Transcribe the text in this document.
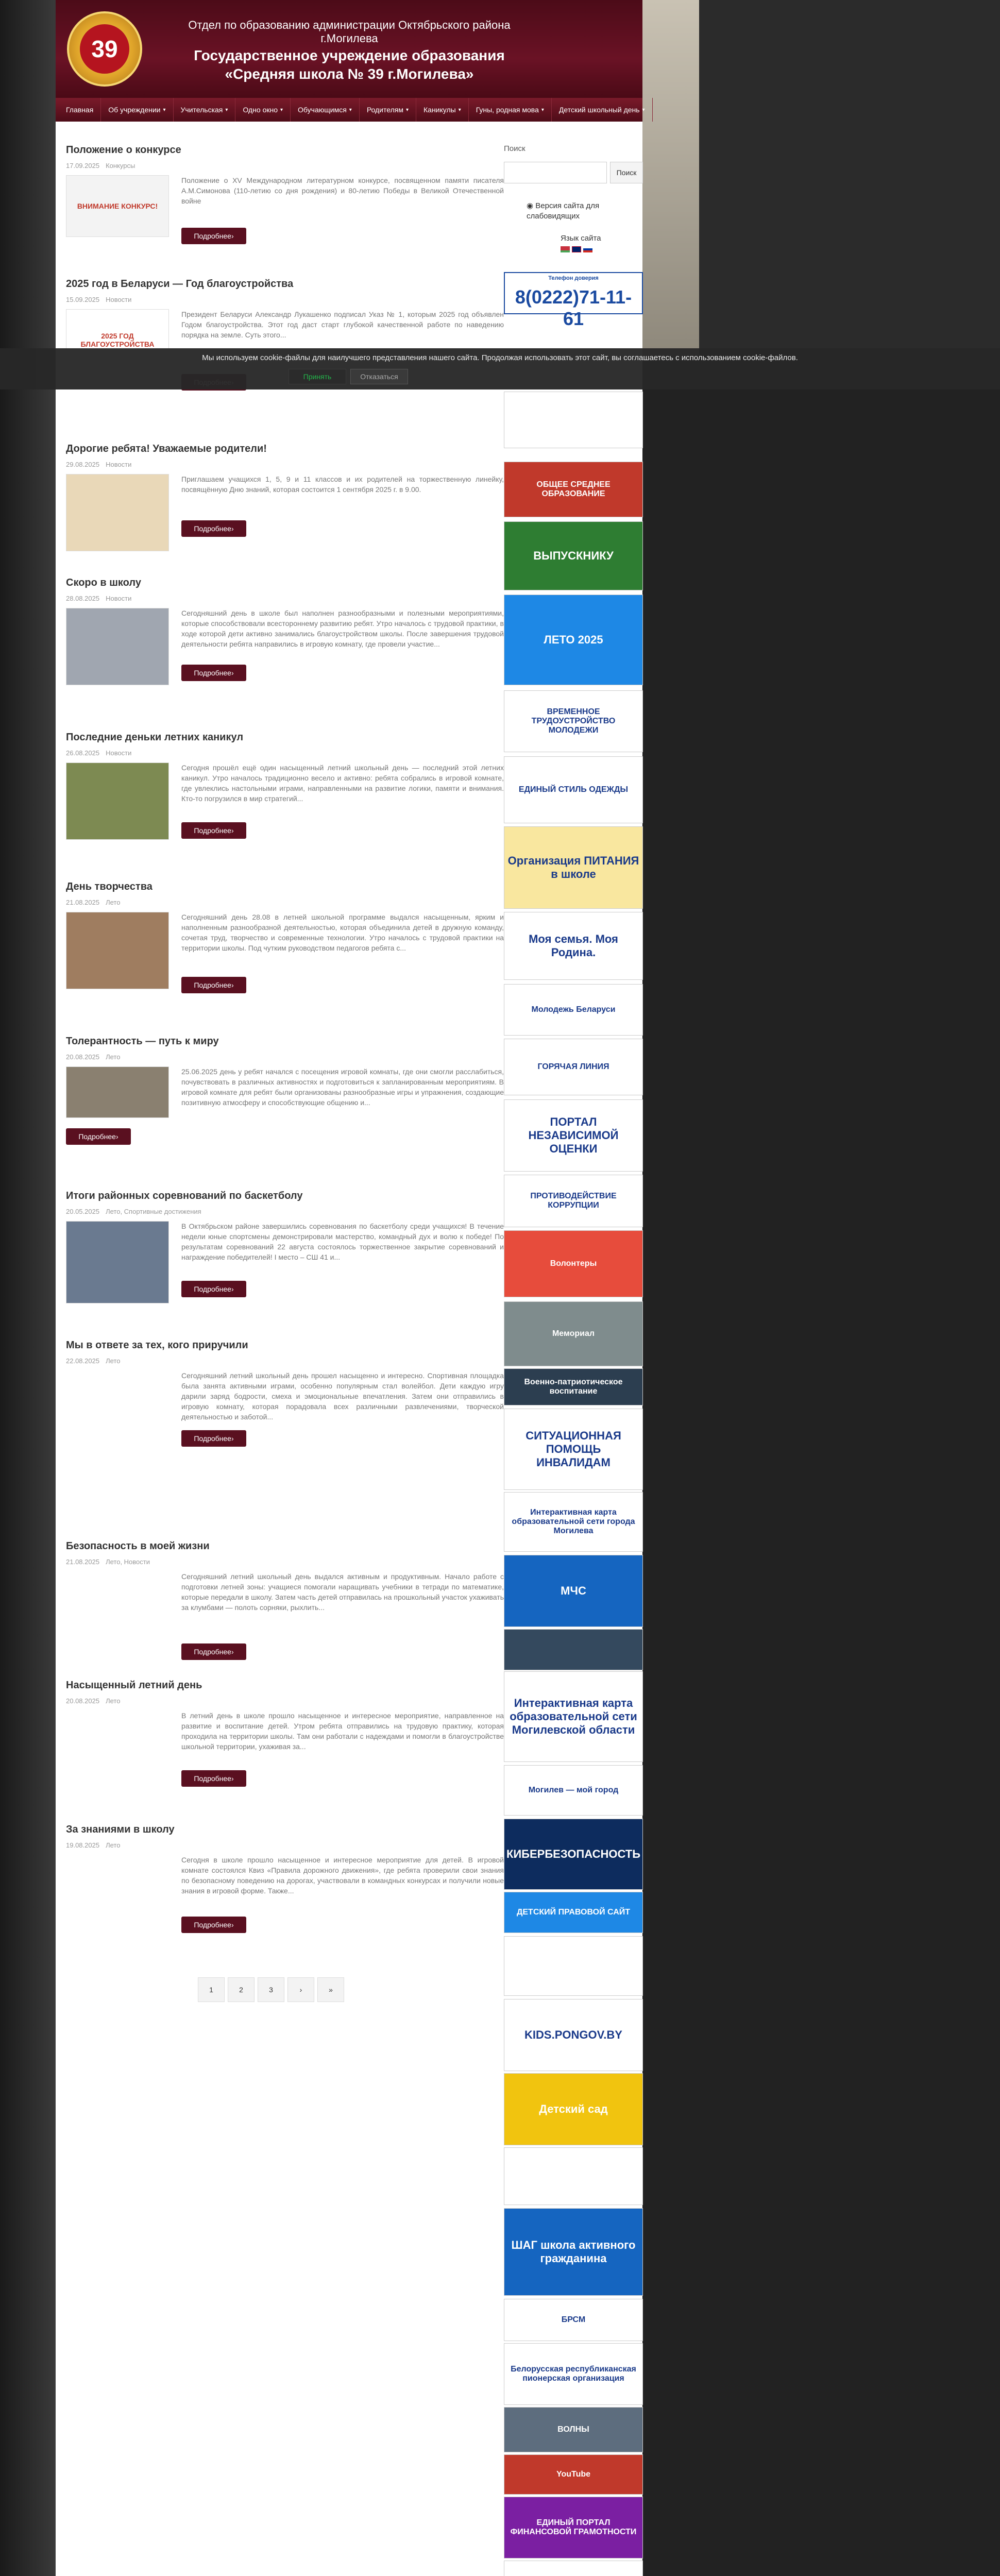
39
Отдел по образованию администрации Октябрьского района г.Могилева
Государственное учреждение образования
«Средняя школа № 39 г.Могилева»
Главная Об учреждении ▾ Учительская ▾ Одно окно ▾ Обучающимся ▾ Родителям ▾ Каникулы ▾ Гуны, родная мова ▾ Детский школьный день ▾
Положение о конкурсе
17.09.2025 Конкурсы
ВНИМАНИЕ КОНКУРС!
Положение о XV Международном литературном конкурсе, посвященном памяти писателя А.М.Симонова (110-летию со дня рождения) и 80-летию Победы в Великой Отечественной войне
Подробнее ›
2025 год в Беларуси — Год благоустройства
15.09.2025 Новости
2025 ГОД БЛАГОУСТРОЙСТВА
Президент Беларуси Александр Лукашенко подписал Указ № 1, которым 2025 год объявлен Годом благоустройства. Этот год даст старт глубокой качественной работе по наведению порядка на земле. Суть этого...
Дорогие ребята! Уважаемые родители!
29.08.2025 Новости
Приглашаем учащихся 1, 5, 9 и 11 классов и их родителей на торжественную линейку, посвящённую Дню знаний, которая состоится 1 сентября 2025 г. в 9.00.
Подробнее ›
Скоро в школу
28.08.2025 Новости
Сегодняшний день в школе был наполнен разнообразными и полезными мероприятиями, которые способствовали всестороннему развитию ребят. Утро началось с трудовой практики, в ходе которой дети активно занимались благоустройством школы. После завершения трудовой деятельности ребята направились в игровую комнату, где провели участие...
Подробнее ›
Последние деньки летних каникул
26.08.2025 Новости
Сегодня прошёл ещё один насыщенный летний школьный день — последний этой летних каникул. Утро началось традиционно весело и активно: ребята собрались в игровой комнате, где увлеклись настольными играми, направленными на развитие логики, памяти и внимания. Кто-то погрузился в мир стратегий...
Подробнее ›
День творчества
21.08.2025 Лето
Сегодняшний день 28.08 в летней школьной программе выдался насыщенным, ярким и наполненным разнообразной деятельностью, которая объединила детей в дружную команду, сочетая труд, творчество и современные технологии. Утро началось с трудовой практики на территории школы. Под чутким руководством педагогов ребята с...
Подробнее ›
Толерантность — путь к миру
20.08.2025 Лето
25.06.2025 день у ребят начался с посещения игровой комнаты, где они смогли расслабиться, почувствовать в различных активностях и подготовиться к запланированным мероприятиям. В игровой комнате для ребят были организованы разнообразные игры и упражнения, создающие позитивную атмосферу и способствующие общению и...
Подробнее ›
Итоги районных соревнований по баскетболу
20.05.2025 Лето, Спортивные достижения
В Октябрьском районе завершились соревнования по баскетболу среди учащихся! В течение недели юные спортсмены демонстрировали мастерство, командный дух и волю к победе! По результатам соревнований 22 августа состоялось торжественное закрытие соревнований и награждение победителей! I место – СШ 41 и...
Подробнее ›
Мы в ответе за тех, кого приручили
22.08.2025 Лето
Сегодняшний летний школьный день прошел насыщенно и интересно. Спортивная площадка была занята активными играми, особенно популярным стал волейбол. Дети каждую игру дарили заряд бодрости, смеха и эмоциональные впечатления. Затем они отправились в игровую комнату, которая порадовала всех различными развлечениями, творческой деятельностью и заботой...
Подробнее ›
Безопасность в моей жизни
21.08.2025 Лето, Новости
Сегодняшний летний школьный день выдался активным и продуктивным. Начало работе с подготовки летней зоны: учащиеся помогали наращивать учебники в тетради по математике, которые передали в школу. Затем часть детей отправилась на прошкольный участок ухаживать за клумбами — полоть сорняки, рыхлить...
Подробнее ›
Насыщенный летний день
20.08.2025 Лето
В летний день в школе прошло насыщенное и интересное мероприятие, направленное на развитие и воспитание детей. Утром ребята отправились на трудовую практику, которая проходила на территории школы. Там они работали с надеждами и помогли в благоустройстве школьной территории, ухаживая за...
Подробнее ›
За знаниями в школу
19.08.2025 Лето
Сегодня в школе прошло насыщенное и интересное мероприятие для детей. В игровой комнате состоялся Квиз «Правила дорожного движения», где ребята проверили свои знания по безопасному поведению на дорогах, участвовали в командных конкурсах и получили новые знания в игровой форме. Также...
Подробнее ›
1	2	3	›	»
Поиск
Поиск
◉ Версия сайта для слабовидящих
Язык сайта
Телефон доверия
8(0222)71-11-61
ОБЩЕЕ СРЕДНЕЕ ОБРАЗОВАНИЕ
ВЫПУСКНИКУ
ЛЕТО 2025
ВРЕМЕННОЕ ТРУДОУСТРОЙСТВО МОЛОДЕЖИ
ЕДИНЫЙ СТИЛЬ ОДЕЖДЫ
Организация ПИТАНИЯ в школе
Моя семья. Моя Родина.
Молодежь Беларуси
ГОРЯЧАЯ ЛИНИЯ
ПОРТАЛ НЕЗАВИСИМОЙ ОЦЕНКИ
ПРОТИВОДЕЙСТВИЕ КОРРУПЦИИ
Волонтеры
Мемориал
Военно-патриотическое воспитание
СИТУАЦИОННАЯ ПОМОЩЬ ИНВАЛИДАМ
Интерактивная карта образовательной сети города Могилева
МЧС
Интерактивная карта образовательной сети Могилевской области
Могилев — мой город
КИБЕРБЕЗОПАСНОСТЬ
ДЕТСКИЙ ПРАВОВОЙ САЙТ
KIDS.PONGOV.BY
Детский сад
ШАГ школа активного гражданина
БРСМ
Белорусская республиканская пионерская организация
ВОЛНЫ
YouTube
ЕДИНЫЙ ПОРТАЛ ФИНАНСОВОЙ ГРАМОТНОСТИ
Мы используем cookie-файлы для наилучшего представления нашего сайта. Продолжая использовать этот сайт, вы соглашаетесь с использованием cookie-файлов.
Принять	Отказаться
